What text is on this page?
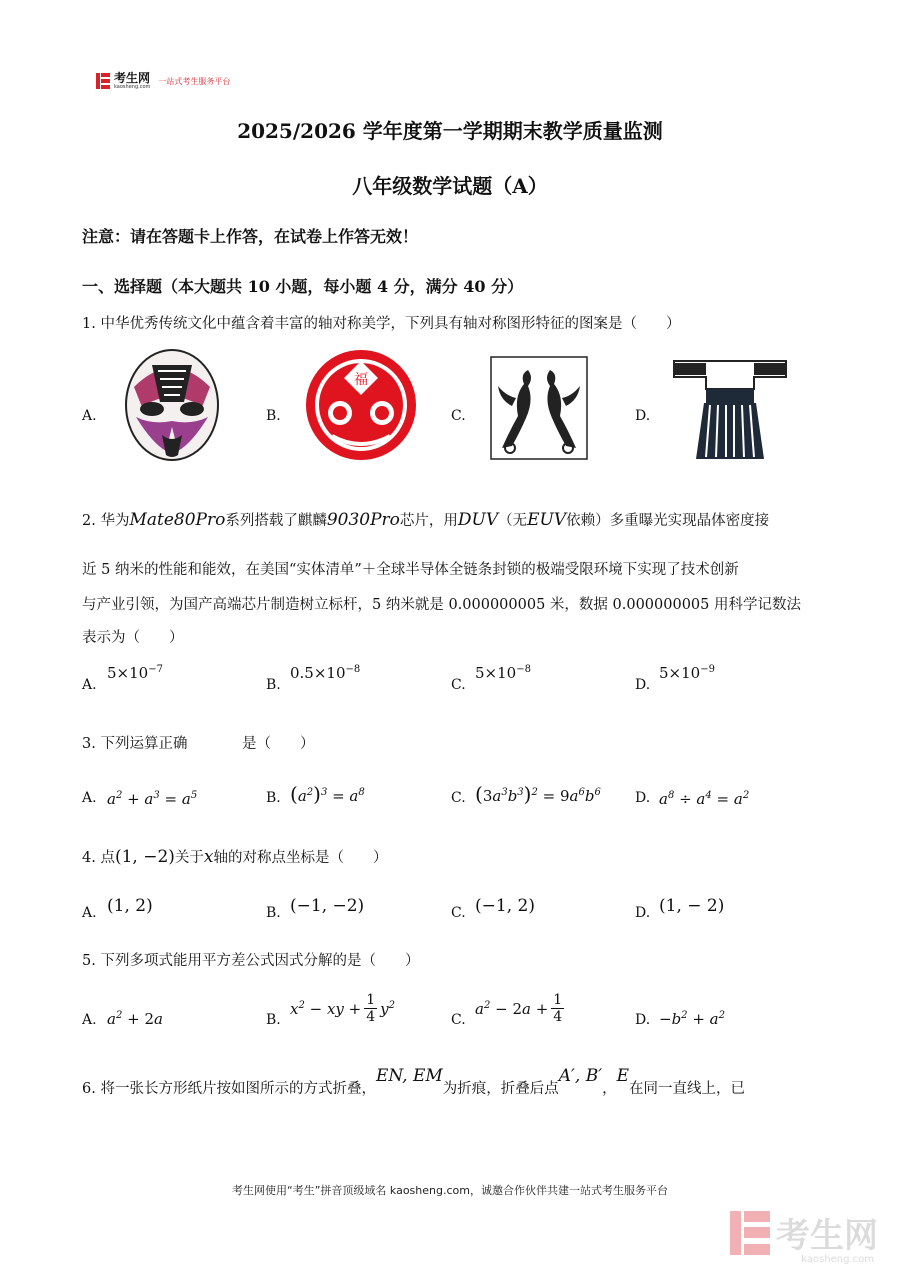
考生网
kaosheng.com
一站式考生服务平台
2025/2026 学年度第一学期期末教学质量监测
八年级数学试题（A）
注意：请在答题卡上作答，在试卷上作答无效！
一、选择题（本大题共 10 小题，每小题 4 分，满分 40 分）
1. 中华优秀传统文化中蕴含着丰富的轴对称美学，下列具有轴对称图形特征的图案是（　　）
A.	B.	C.	D.
福
2. 华为Mate80Pro系列搭载了麒麟9030Pro芯片，用DUV（无EUV依赖）多重曝光实现晶体密度接
近 5 纳米的性能和能效，在美国“实体清单”＋全球半导体全链条封锁的极端受限环境下实现了技术创新
与产业引领，为国产高端芯片制造树立标杆，5 纳米就是 0.000000005 米，数据 0.000000005 用科学记数法
表示为（　　）
A.
$5\times 10^{-7}$
B.
$0.5\times 10^{-8}$
C.
$5\times 10^{-8}$
D.
$5\times 10^{-9}$
3. 下列运算正确	是（　　）
A. $a^2 + a^3 = a^5$	B. $(a^2)^3 = a^8$	C. $(3a^3b^3)^2 = 9a^6b^6$ D. $a^8 \div a^4 = a^2$
4. 点(1, −2)关于x轴的对称点坐标是（　　）
A. (1, 2)	B. (−1, −2)	C. (−1, 2)	D. (1, − 2)
5. 下列多项式能用平方差公式因式分解的是（　　）
A. $a^2 + 2a$	B.
$x^2$ − xy + $\frac{1}{4} y^2$
C.
$a^2 - 2a + \frac{1}{4}$	D. $-b^2 + a^2$
6. 将一张长方形纸片按如图所示的方式折叠，EN, EM为折痕，折叠后点A′, B′，E在同一直线上，已
考生网使用“考生”拼音顶级域名 kaosheng.com，诚邀合作伙伴共建一站式考生服务平台
考生网
kaosheng.com
